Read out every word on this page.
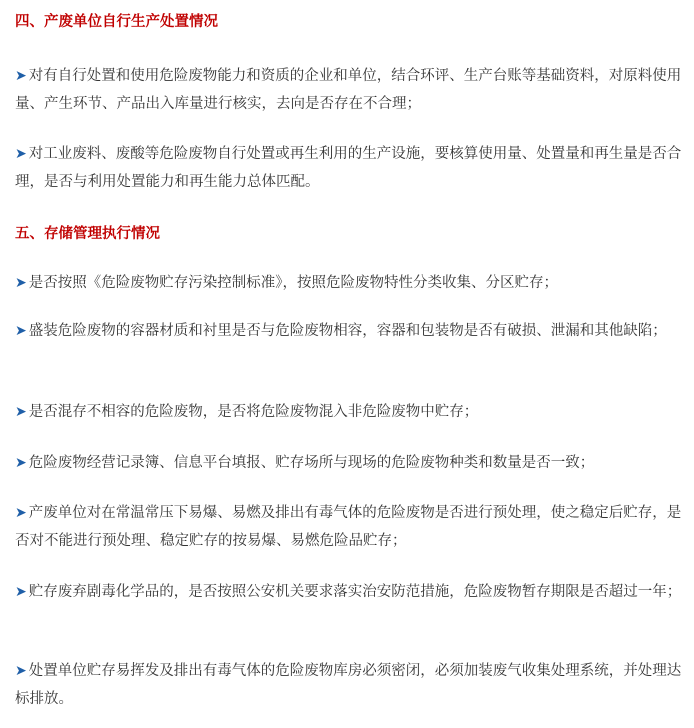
四、产废单位自行生产处置情况
➤ 对有自行处置和使用危险废物能力和资质的企业和单位，结合环评、生产台账等基础资料，对原料使用量、产生环节、产品出入库量进行核实，去向是否存在不合理；
➤ 对工业废料、废酸等危险废物自行处置或再生利用的生产设施，要核算使用量、处置量和再生量是否合理，是否与利用处置能力和再生能力总体匹配。
五、存储管理执行情况
➤ 是否按照《危险废物贮存污染控制标准》，按照危险废物特性分类收集、分区贮存；
➤ 盛装危险废物的容器材质和衬里是否与危险废物相容，容器和包装物是否有破损、泄漏和其他缺陷；
➤ 是否混存不相容的危险废物，是否将危险废物混入非危险废物中贮存；
➤ 危险废物经营记录簿、信息平台填报、贮存场所与现场的危险废物种类和数量是否一致；
➤ 产废单位对在常温常压下易爆、易燃及排出有毒气体的危险废物是否进行预处理，使之稳定后贮存，是否对不能进行预处理、稳定贮存的按易爆、易燃危险品贮存；
➤ 贮存废弃剧毒化学品的，是否按照公安机关要求落实治安防范措施，危险废物暂存期限是否超过一年；
➤ 处置单位贮存易挥发及排出有毒气体的危险废物库房必须密闭，必须加装废气收集处理系统，并处理达标排放。
